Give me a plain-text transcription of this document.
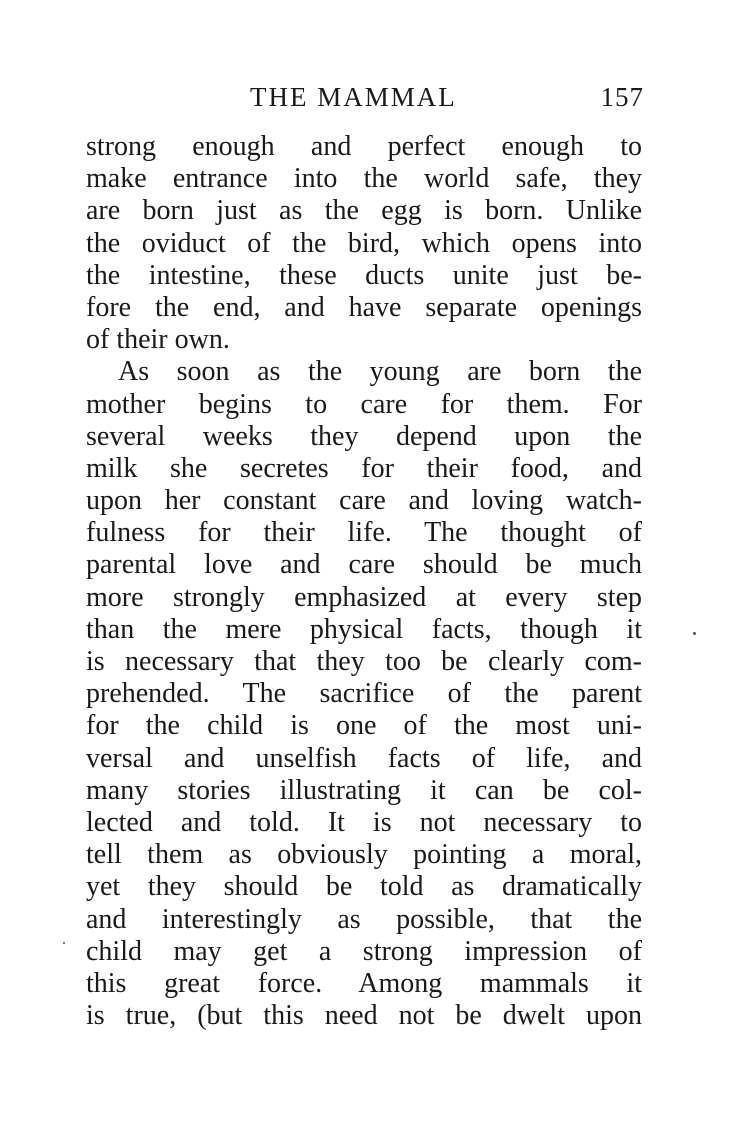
THE MAMMAL	157
strong enough and perfect enough to
make entrance into the world safe, they
are born just as the egg is born. Unlike
the oviduct of the bird, which opens into
the intestine, these ducts unite just be-
fore the end, and have separate openings
of their own.
As soon as the young are born the
mother begins to care for them. For
several weeks they depend upon the
milk she secretes for their food, and
upon her constant care and loving watch-
fulness for their life. The thought of
parental love and care should be much
more strongly emphasized at every step
than the mere physical facts, though it
is necessary that they too be clearly com-
prehended. The sacrifice of the parent
for the child is one of the most uni-
versal and unselfish facts of life, and
many stories illustrating it can be col-
lected and told. It is not necessary to
tell them as obviously pointing a moral,
yet they should be told as dramatically
and interestingly as possible, that the
child may get a strong impression of
this great force. Among mammals it
is true, (but this need not be dwelt upon
